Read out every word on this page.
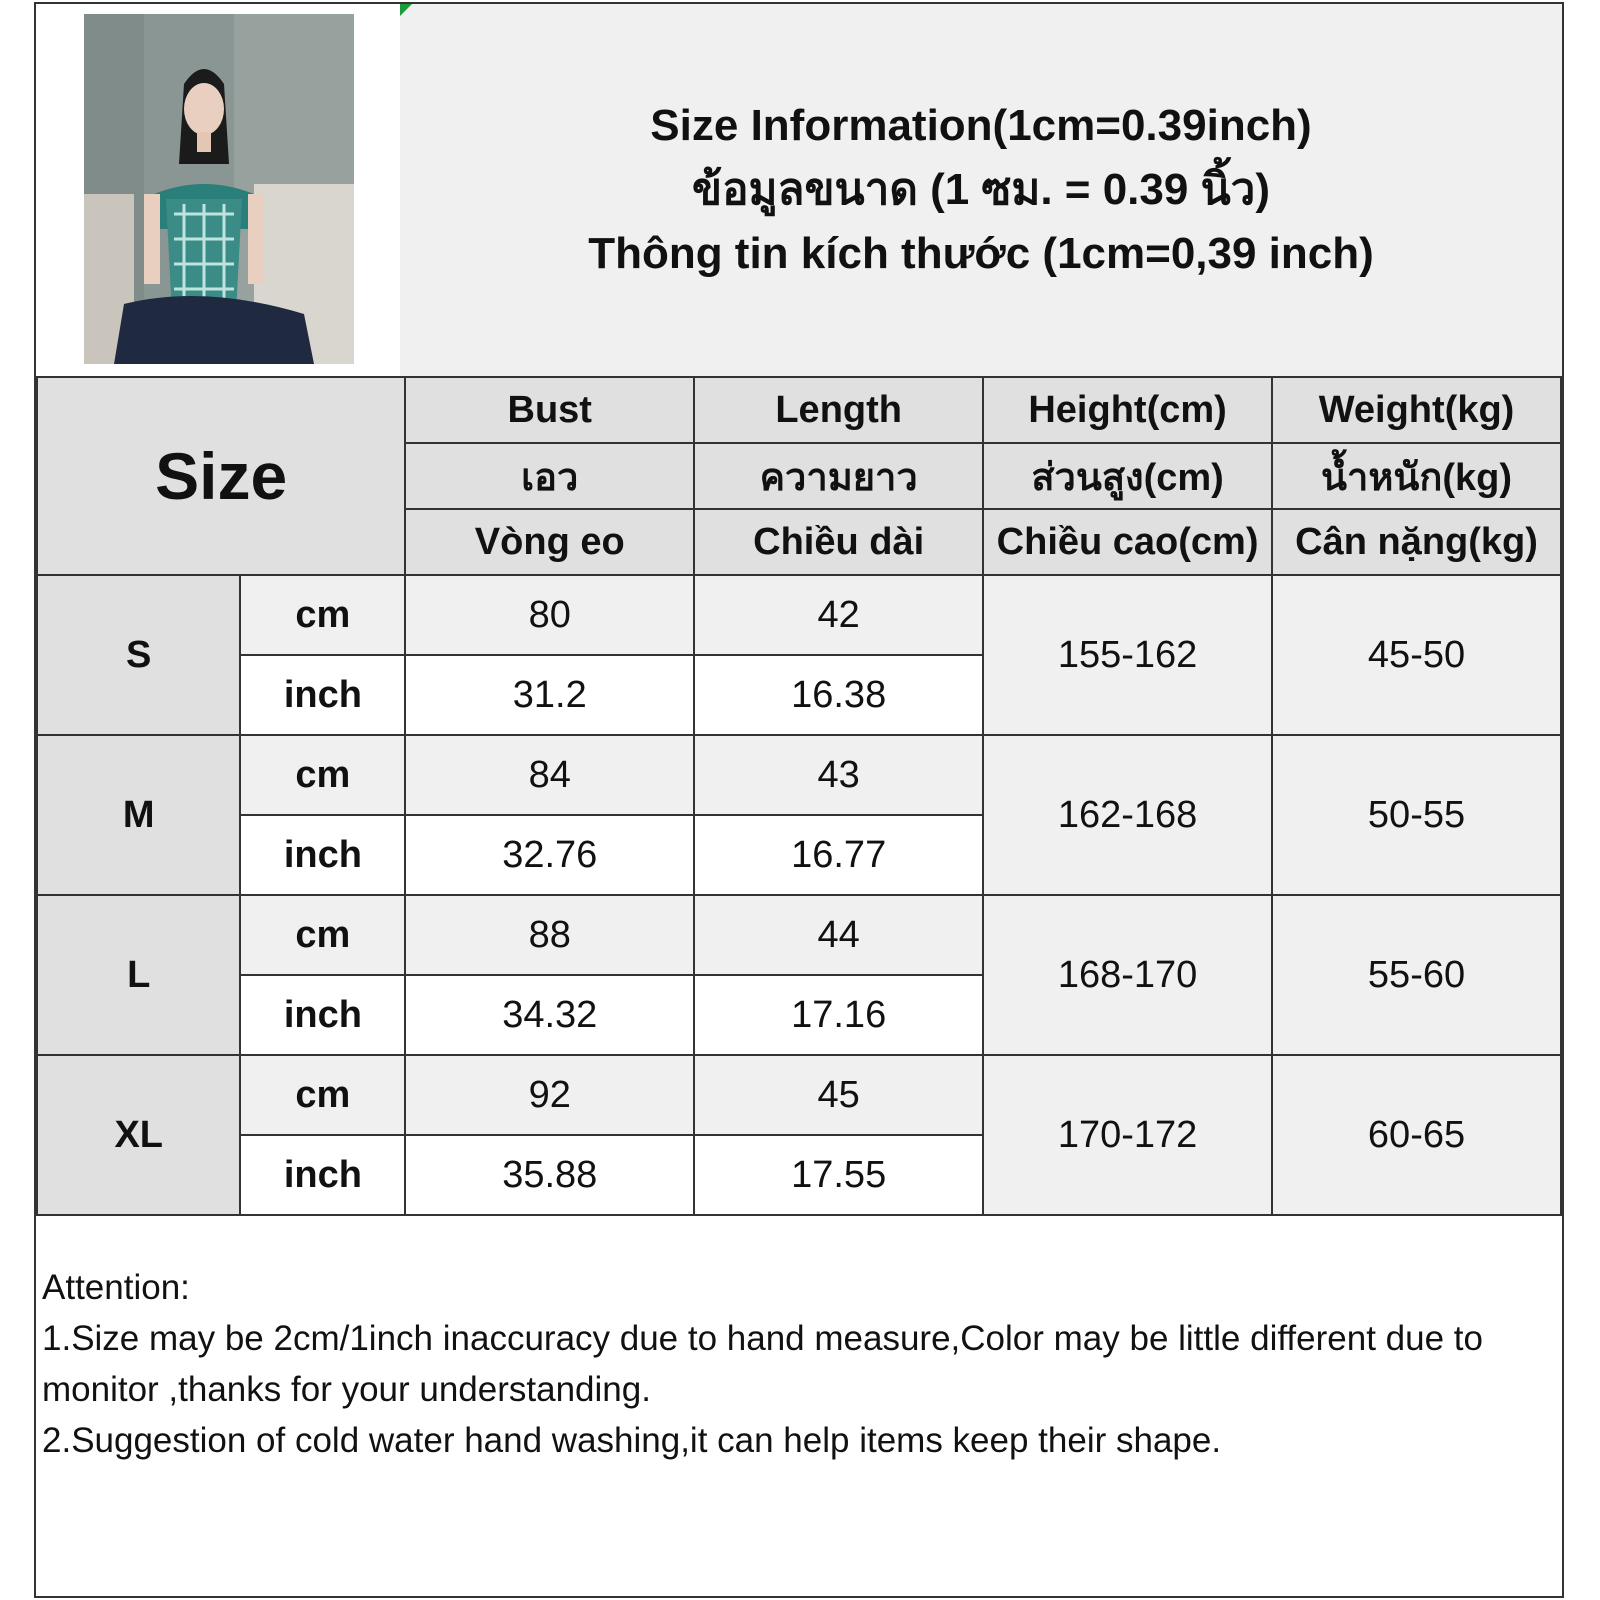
Size Information(1cm=0.39inch)
ข้อมูลขนาด (1 ซม. = 0.39 นิ้ว)
Thông tin kích thước (1cm=0,39 inch)
Size		Bust	Length	Height(cm)	Weight(kg)
		เอว	ความยาว	ส่วนสูง(cm)	น้ำหนัก(kg)
		Vòng eo	Chiều dài	Chiều cao(cm)	Cân nặng(kg)
S	cm	80	42	155-162	45-50
	inch	31.2	16.38		
M	cm	84	43	162-168	50-55
	inch	32.76	16.77		
L	cm	88	44	168-170	55-60
	inch	34.32	17.16		
XL	cm	92	45	170-172	60-65
	inch	35.88	17.55		
Attention:
1.Size may be 2cm/1inch inaccuracy due to hand measure,Color may be little different due to monitor ,thanks for your understanding.
2.Suggestion of cold water hand washing,it can help items keep their shape.
